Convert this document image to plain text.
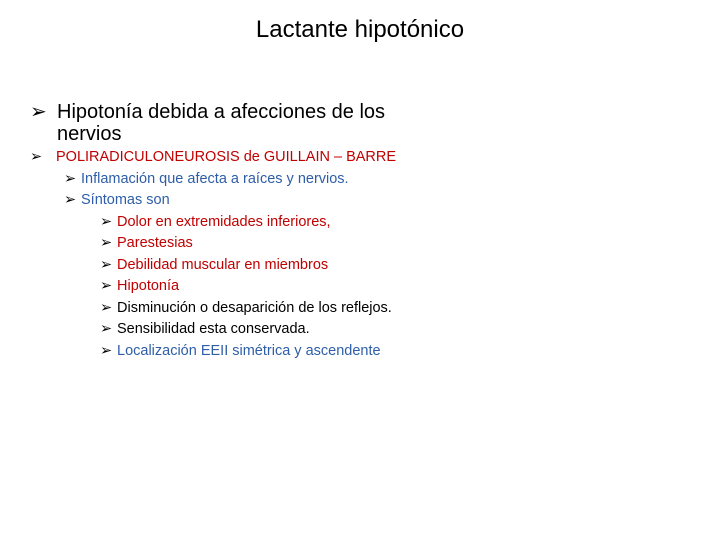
Lactante hipotónico
➢ Hipotonía debida a afecciones de los nervios
➢ POLIRADICULONEUROSIS de GUILLAIN – BARRE
➢ Inflamación que afecta a raíces y nervios.
➢ Síntomas son
➢ Dolor en extremidades inferiores,
➢ Parestesias
➢ Debilidad muscular en miembros
➢ Hipotonía
➢ Disminución o desaparición de los reflejos.
➢ Sensibilidad esta conservada.
➢ Localización EEII simétrica y ascendente
